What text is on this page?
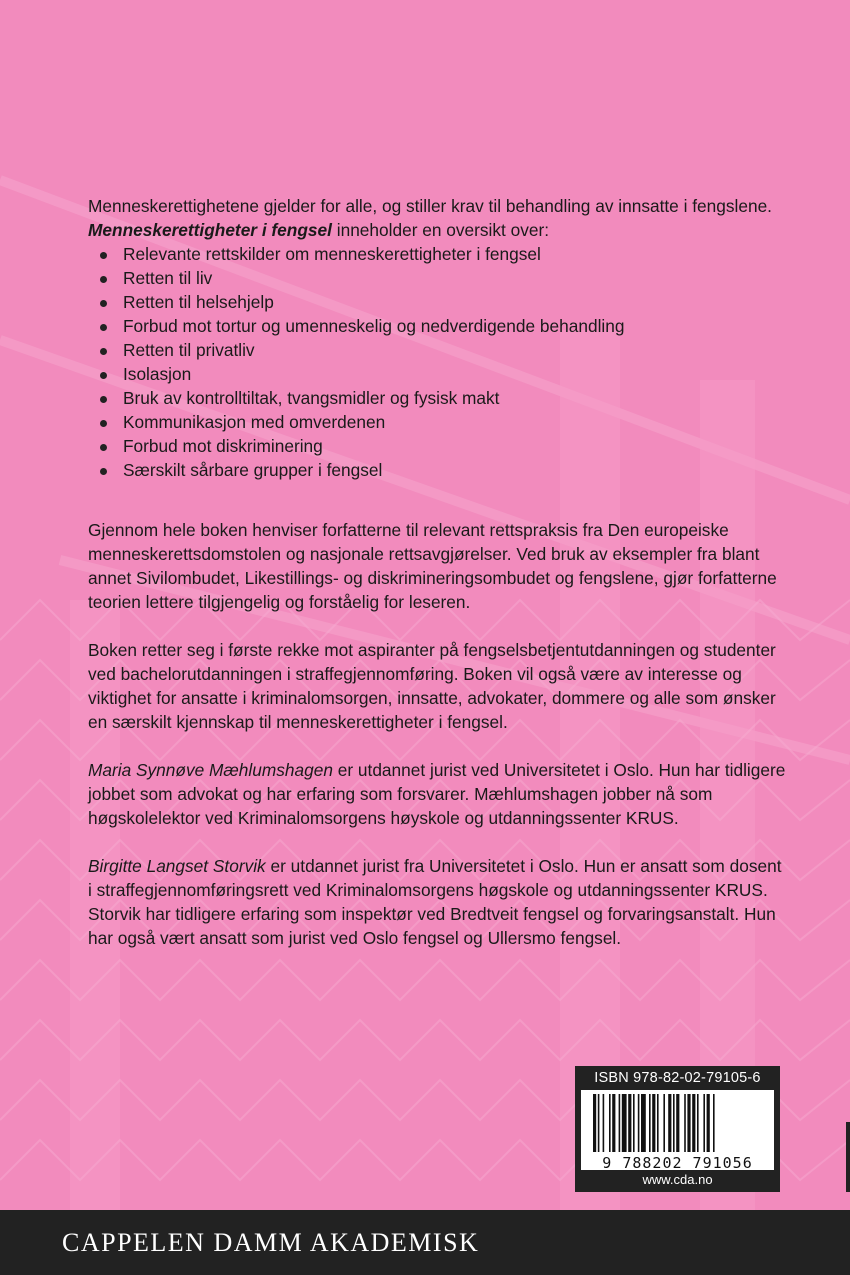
Menneskerettighetene gjelder for alle, og stiller krav til behandling av innsatte i fengslene. Menneskerettigheter i fengsel inneholder en oversikt over:

Relevante rettskilder om menneskerettigheter i fengsel
Retten til liv
Retten til helsehjelp
Forbud mot tortur og umenneskelig og nedverdigende behandling
Retten til privatliv
Isolasjon
Bruk av kontrolltiltak, tvangsmidler og fysisk makt
Kommunikasjon med omverdenen
Forbud mot diskriminering
Særskilt sårbare grupper i fengsel

Gjennom hele boken henviser forfatterne til relevant rettspraksis fra Den europeiske menneskerettsdomstolen og nasjonale rettsavgjørelser. Ved bruk av eksempler fra blant annet Sivilombudet, Likestillings- og diskrimineringsombudet og fengslene, gjør forfatterne teorien lettere tilgjengelig og forståelig for leseren.

Boken retter seg i første rekke mot aspiranter på fengselsbetjentutdanningen og studenter ved bachelorutdanningen i straffegjennomføring. Boken vil også være av interesse og viktighet for ansatte i kriminalomsorgen, innsatte, advokater, dommere og alle som ønsker en særskilt kjennskap til menneskerettigheter i fengsel.

Maria Synnøve Mæhlumshagen er utdannet jurist ved Universitetet i Oslo. Hun har tidligere jobbet som advokat og har erfaring som forsvarer. Mæhlumshagen jobber nå som høgskolelektor ved Kriminalomsorgens høyskole og utdanningssenter KRUS.

Birgitte Langset Storvik er utdannet jurist fra Universitetet i Oslo. Hun er ansatt som dosent i straffegjennomføringsrett ved Kriminalomsorgens høgskole og utdanningssenter KRUS. Storvik har tidligere erfaring som inspektør ved Bredtveit fengsel og forvaringsanstalt. Hun har også vært ansatt som jurist ved Oslo fengsel og Ullersmo fengsel.

ISBN 978-82-02-79105-6
9 788202 791056
www.cda.no
CAPPELEN DAMM AKADEMISK
